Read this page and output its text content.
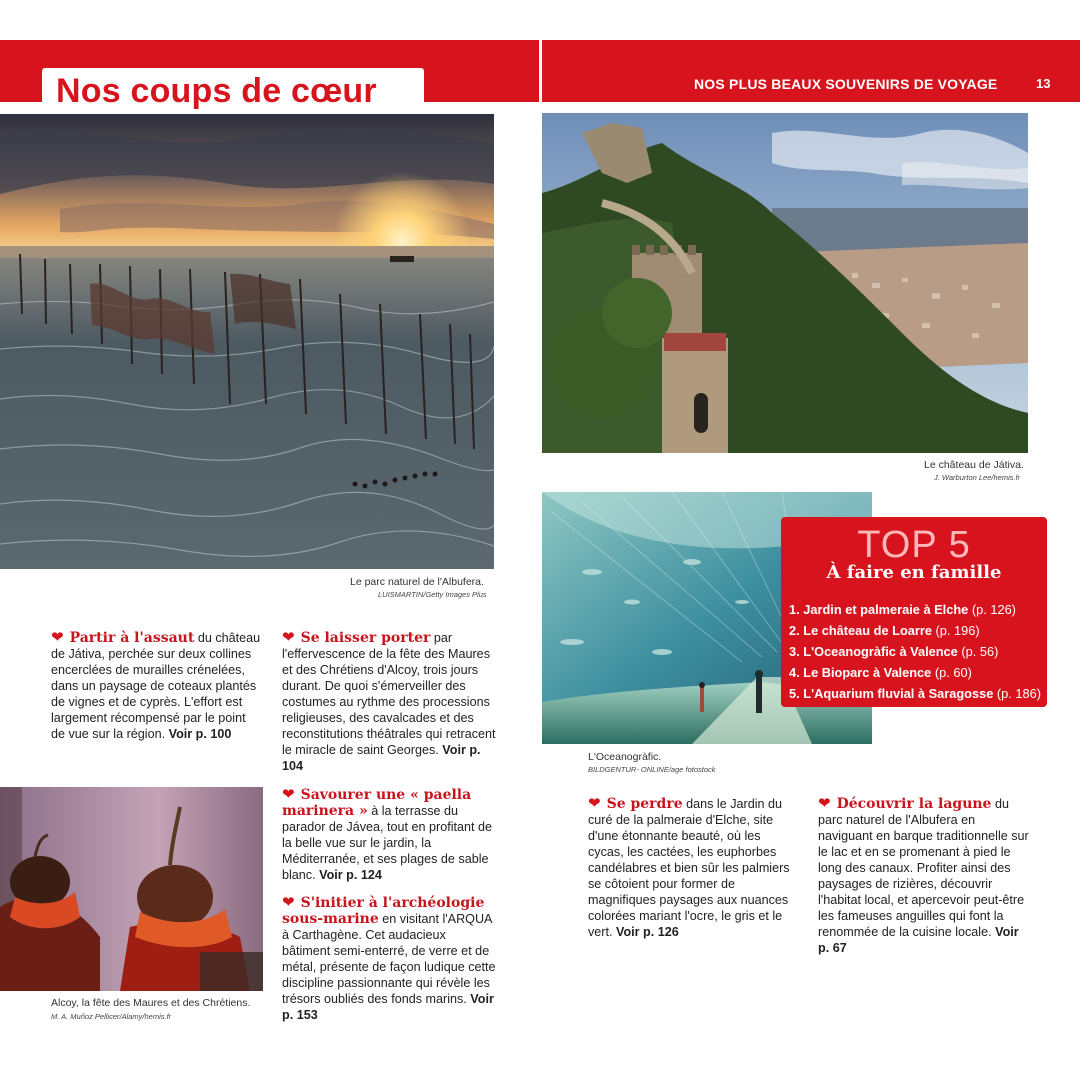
Nos coups de cœur	NOS PLUS BEAUX SOUVENIRS DE VOYAGE	13
Le parc naturel de l'Albufera.
LUISMARTIN/Getty Images Plus
Le château de Játiva.
J. Warburton Lee/hemis.fr
L'Oceanogràfic.
BILDGENTUR- ONLINE/age fotostock
Alcoy, la fête des Maures et des Chrétiens.
M. A. Muñoz Pellicer/Alamy/hemis.fr
❤ Partir à l'assaut du château de Játiva, perchée sur deux collines encerclées de murailles crénelées, dans un paysage de coteaux plantés de vignes et de cyprès. L'effort est largement récompensé par le point de vue sur la région. Voir p. 100
❤ Se laisser porter par l'effervescence de la fête des Maures et des Chrétiens d'Alcoy, trois jours durant. De quoi s'émerveiller des costumes au rythme des processions religieuses, des cavalcades et des reconstitutions théâtrales qui retracent le miracle de saint Georges. Voir p. 104
❤ Savourer une « paella marinera » à la terrasse du parador de Jávea, tout en profitant de la belle vue sur le jardin, la Méditerranée, et ses plages de sable blanc. Voir p. 124
❤ S'initier à l'archéologie sous-marine en visitant l'ARQUA à Carthagène. Cet audacieux bâtiment semi-enterré, de verre et de métal, présente de façon ludique cette discipline passionnante qui révèle les trésors oubliés des fonds marins. Voir p. 153
❤ Se perdre dans le Jardin du curé de la palmeraie d'Elche, site d'une étonnante beauté, où les cycas, les cactées, les euphorbes candélabres et bien sûr les palmiers se côtoient pour former de magnifiques paysages aux nuances colorées mariant l'ocre, le gris et le vert. Voir p. 126
❤ Découvrir la lagune du parc naturel de l'Albufera en naviguant en barque traditionnelle sur le lac et en se promenant à pied le long des canaux. Profiter ainsi des paysages de rizières, découvrir l'habitat local, et apercevoir peut-être les fameuses anguilles qui font la renommée de la cuisine locale. Voir p. 67
TOP 5
À faire en famille
1. Jardin et palmeraie à Elche (p. 126)
2. Le château de Loarre (p. 196)
3. L'Oceanogràfic à Valence (p. 56)
4. Le Bioparc à Valence (p. 60)
5. L'Aquarium fluvial à Saragosse (p. 186)
